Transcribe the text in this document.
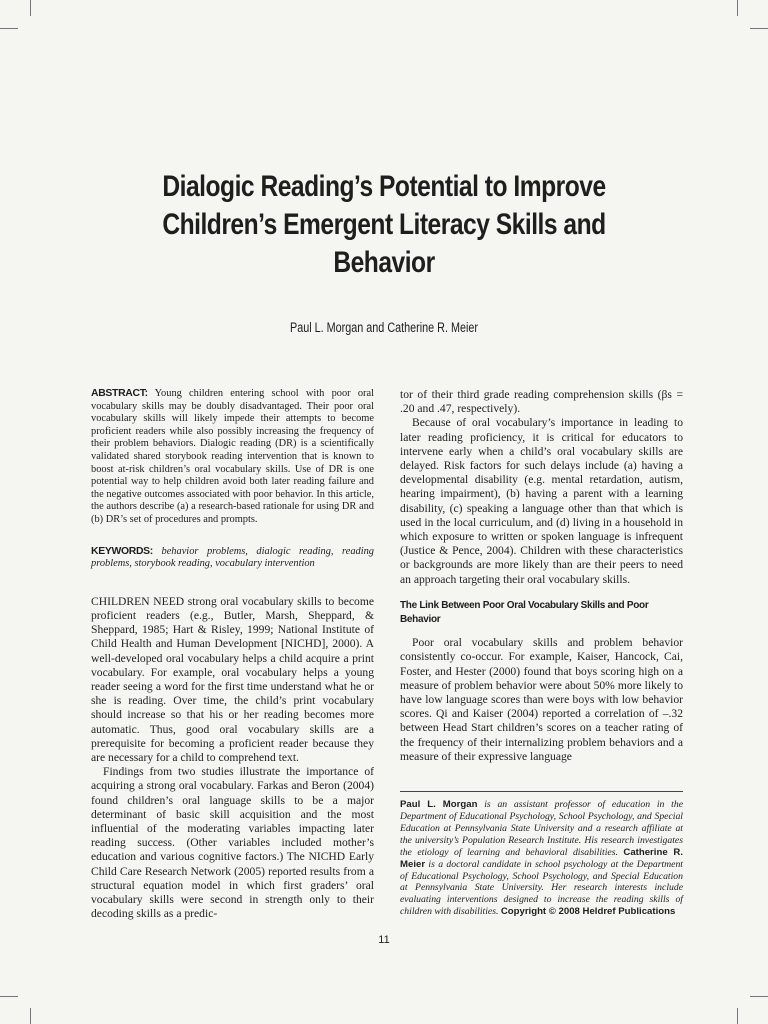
Dialogic Reading’s Potential to Improve Children’s Emergent Literacy Skills and Behavior
Paul L. Morgan and Catherine R. Meier

ABSTRACT: Young children entering school with poor oral vocabulary skills may be doubly disadvantaged. Their poor oral vocabulary skills will likely impede their attempts to become proficient readers while also possibly increasing the frequency of their problem behaviors. Dialogic reading (DR) is a scientifically validated shared storybook reading intervention that is known to boost at-risk children’s oral vocabulary skills. Use of DR is one potential way to help children avoid both later reading failure and the negative outcomes associated with poor behavior. In this article, the authors describe (a) a research-based rationale for using DR and (b) DR’s set of procedures and prompts.

KEYWORDS: behavior problems, dialogic reading, reading problems, storybook reading, vocabulary intervention

CHILDREN NEED strong oral vocabulary skills to become proficient readers (e.g., Butler, Marsh, Sheppard, & Sheppard, 1985; Hart & Risley, 1999; National Institute of Child Health and Human Development [NICHD], 2000). A well-developed oral vocabulary helps a child acquire a print vocabulary. For example, oral vocabulary helps a young reader seeing a word for the first time understand what he or she is reading. Over time, the child’s print vocabulary should increase so that his or her reading becomes more automatic. Thus, good oral vocabulary skills are a prerequisite for becoming a proficient reader because they are necessary for a child to comprehend text.

Findings from two studies illustrate the importance of acquiring a strong oral vocabulary. Farkas and Beron (2004) found children’s oral language skills to be a major determinant of basic skill acquisition and the most influential of the moderating variables impacting later reading success. (Other variables included mother’s education and various cognitive factors.) The NICHD Early Child Care Research Network (2005) reported results from a structural equation model in which first graders’ oral vocabulary skills were second in strength only to their decoding skills as a predic-

tor of their third grade reading comprehension skills (βs = .20 and .47, respectively).

Because of oral vocabulary’s importance in leading to later reading proficiency, it is critical for educators to intervene early when a child’s oral vocabulary skills are delayed. Risk factors for such delays include (a) having a developmental disability (e.g. mental retardation, autism, hearing impairment), (b) having a parent with a learning disability, (c) speaking a language other than that which is used in the local curriculum, and (d) living in a household in which exposure to written or spoken language is infrequent (Justice & Pence, 2004). Children with these characteristics or backgrounds are more likely than are their peers to need an approach targeting their oral vocabulary skills.

The Link Between Poor Oral Vocabulary Skills and Poor Behavior

Poor oral vocabulary skills and problem behavior consistently co-occur. For example, Kaiser, Hancock, Cai, Foster, and Hester (2000) found that boys scoring high on a measure of problem behavior were about 50% more likely to have low language scores than were boys with low behavior scores. Qi and Kaiser (2004) reported a correlation of –.32 between Head Start children’s scores on a teacher rating of the frequency of their internalizing problem behaviors and a measure of their expressive language

Paul L. Morgan is an assistant professor of education in the Department of Educational Psychology, School Psychology, and Special Education at Pennsylvania State University and a research affiliate at the university’s Population Research Institute. His research investigates the etiology of learning and behavioral disabilities. Catherine R. Meier is a doctoral candidate in school psychology at the Department of Educational Psychology, School Psychology, and Special Education at Pennsylvania State University. Her research interests include evaluating interventions designed to increase the reading skills of children with disabilities. Copyright © 2008 Heldref Publications

11
